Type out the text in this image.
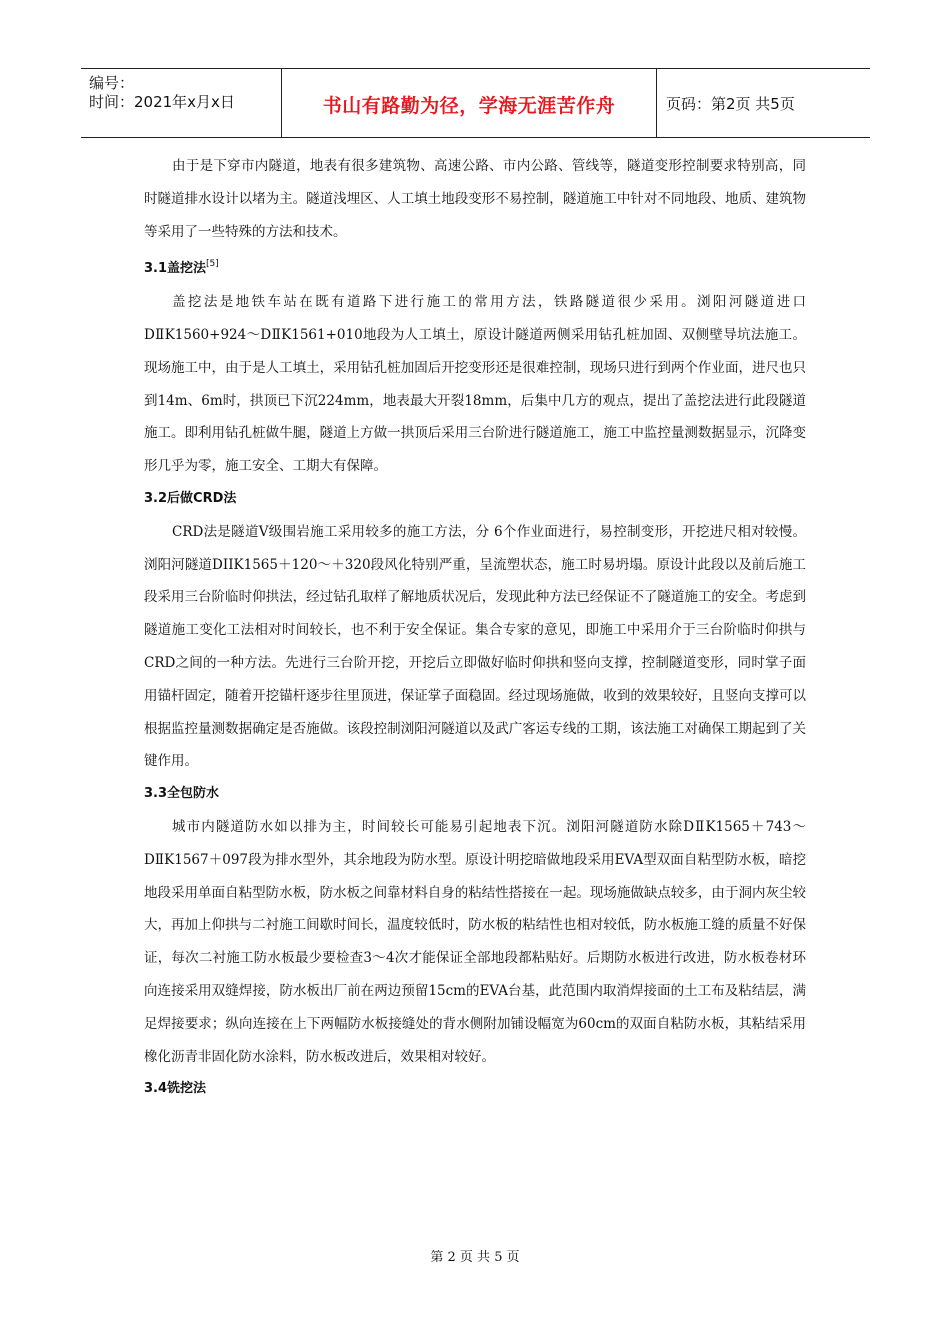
编号：
时间：2021年x月x日	书山有路勤为径，学海无涯苦作舟	页码：第2页 共5页

由于是下穿市内隧道，地表有很多建筑物、高速公路、市内公路、管线等，隧道变形控制要求特别高，同时隧道排水设计以堵为主。隧道浅埋区、人工填土地段变形不易控制，隧道施工中针对不同地段、地质、建筑物等采用了一些特殊的方法和技术。

3.1盖挖法[5]

盖挖法是地铁车站在既有道路下进行施工的常用方法，铁路隧道很少采用。浏阳河隧道进口DⅡK1560+924～DⅡK1561+010地段为人工填土，原设计隧道两侧采用钻孔桩加固、双侧壁导坑法施工。现场施工中，由于是人工填土，采用钻孔桩加固后开挖变形还是很难控制，现场只进行到两个作业面，进尺也只到14m、6m时，拱顶已下沉224mm，地表最大开裂18mm，后集中几方的观点，提出了盖挖法进行此段隧道施工。即利用钻孔桩做牛腿，隧道上方做一拱顶后采用三台阶进行隧道施工，施工中监控量测数据显示，沉降变形几乎为零，施工安全、工期大有保障。

3.2后做CRD法

CRD法是隧道Ⅴ级围岩施工采用较多的施工方法，分 6个作业面进行，易控制变形，开挖进尺相对较慢。浏阳河隧道DIIK1565＋120～＋320段风化特别严重，呈流塑状态，施工时易坍塌。原设计此段以及前后施工段采用三台阶临时仰拱法，经过钻孔取样了解地质状况后，发现此种方法已经保证不了隧道施工的安全。考虑到隧道施工变化工法相对时间较长，也不利于安全保证。集合专家的意见，即施工中采用介于三台阶临时仰拱与CRD之间的一种方法。先进行三台阶开挖，开挖后立即做好临时仰拱和竖向支撑，控制隧道变形，同时掌子面用锚杆固定，随着开挖锚杆逐步往里顶进，保证掌子面稳固。经过现场施做，收到的效果较好，且竖向支撑可以根据监控量测数据确定是否施做。该段控制浏阳河隧道以及武广客运专线的工期，该法施工对确保工期起到了关键作用。

3.3全包防水

城市内隧道防水如以排为主，时间较长可能易引起地表下沉。浏阳河隧道防水除DⅡK1565＋743～DⅡK1567＋097段为排水型外，其余地段为防水型。原设计明挖暗做地段采用EVA型双面自粘型防水板，暗挖地段采用单面自粘型防水板，防水板之间靠材料自身的粘结性搭接在一起。现场施做缺点较多，由于洞内灰尘较大，再加上仰拱与二衬施工间歇时间长，温度较低时，防水板的粘结性也相对较低，防水板施工缝的质量不好保证，每次二衬施工防水板最少要检查3～4次才能保证全部地段都粘贴好。后期防水板进行改进，防水板卷材环向连接采用双缝焊接，防水板出厂前在两边预留15cm的EVA台基，此范围内取消焊接面的土工布及粘结层，满足焊接要求；纵向连接在上下两幅防水板接缝处的背水侧附加铺设幅宽为60cm的双面自粘防水板，其粘结采用橡化沥青非固化防水涂料，防水板改进后，效果相对较好。

3.4铣挖法

第 2 页 共 5 页
